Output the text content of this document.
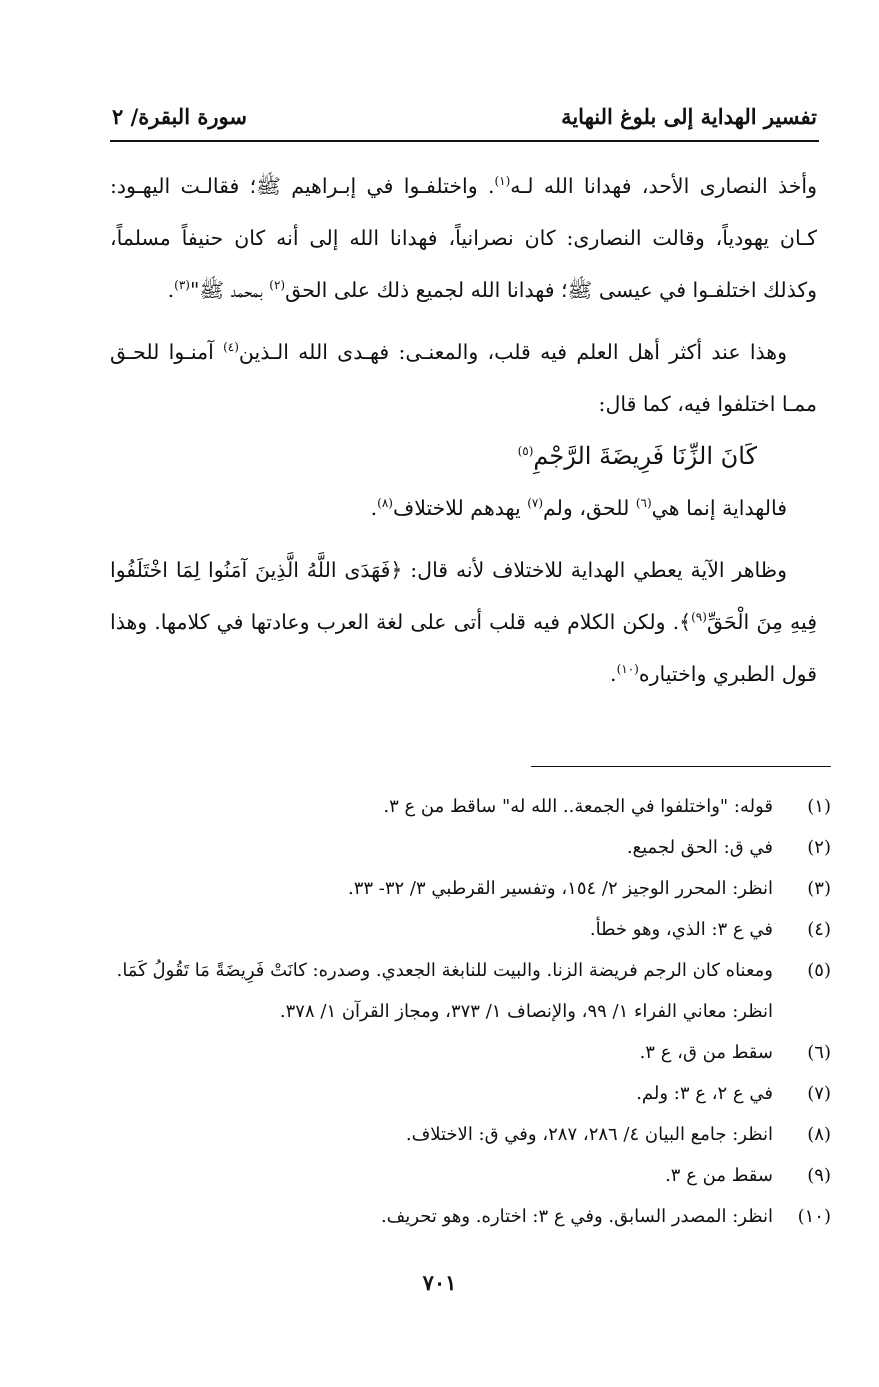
تفسير الهداية إلى بلوغ النهاية
سورة البقرة/ ٢

وأخذ النصارى الأحد، فهدانا الله لـه$^{(١)}$. واختلفـوا في إبـراهيم ﷺ؛ فقالـت اليهـود: كـان يهودياً، وقالت النصارى: كان نصرانياً، فهدانا الله إلى أنه كان حنيفاً مسلماً، وكذلك اختلفـوا في عيسى ﷺ؛ فهدانا الله لجميع ذلك على الحق$^{(٢)}$ بمحمد ﷺ"$^{(٣)}$.

وهذا عند أكثر أهل العلم فيه قلب، والمعنـى: فهـدى الله الـذين$^{(٤)}$ آمنـوا للحـق ممـا اختلفوا فيه، كما قال:

كَانَ الزِّنَا فَرِيضَةَ الرَّجْمِ$^{(٥)}$

فالهداية إنما هي$^{(٦)}$ للحق، ولم$^{(٧)}$ يهدهم للاختلاف$^{(٨)}$.

وظاهر الآية يعطي الهداية للاختلاف لأنه قال: ﴿فَهَدَى اللَّهُ الَّذِينَ آمَنُوا لِمَا اخْتَلَفُوا فِيهِ مِنَ الْحَقِّ$^{(٩)}$﴾. ولكن الكلام فيه قلب أتى على لغة العرب وعادتها في كلامها. وهذا قول الطبري واختياره$^{(١٠)}$.

(١)
قوله: "واختلفوا في الجمعة.. الله له" ساقط من ع ٣.
(٢)
في ق: الحق لجميع.
(٣)
انظر: المحرر الوجيز ٢/ ١٥٤، وتفسير القرطبي ٣/ ٣٢- ٣٣.
(٤)
في ع ٣: الذي، وهو خطأ.
(٥)
ومعناه كان الرجم فريضة الزنا. والبيت للنابغة الجعدي. وصدره: كانَتْ فَرِيضَةً مَا تَقُولُ كَمَا. انظر: معاني الفراء ١/ ٩٩، والإنصاف ١/ ٣٧٣، ومجاز القرآن ١/ ٣٧٨.
(٦)
سقط من ق، ع ٣.
(٧)
في ع ٢، ع ٣: ولم.
(٨)
انظر: جامع البيان ٤/ ٢٨٦، ٢٨٧، وفي ق: الاختلاف.
(٩)
سقط من ع ٣.
(١٠)
انظر: المصدر السابق. وفي ع ٣: اختاره. وهو تحريف.
٧٠١
